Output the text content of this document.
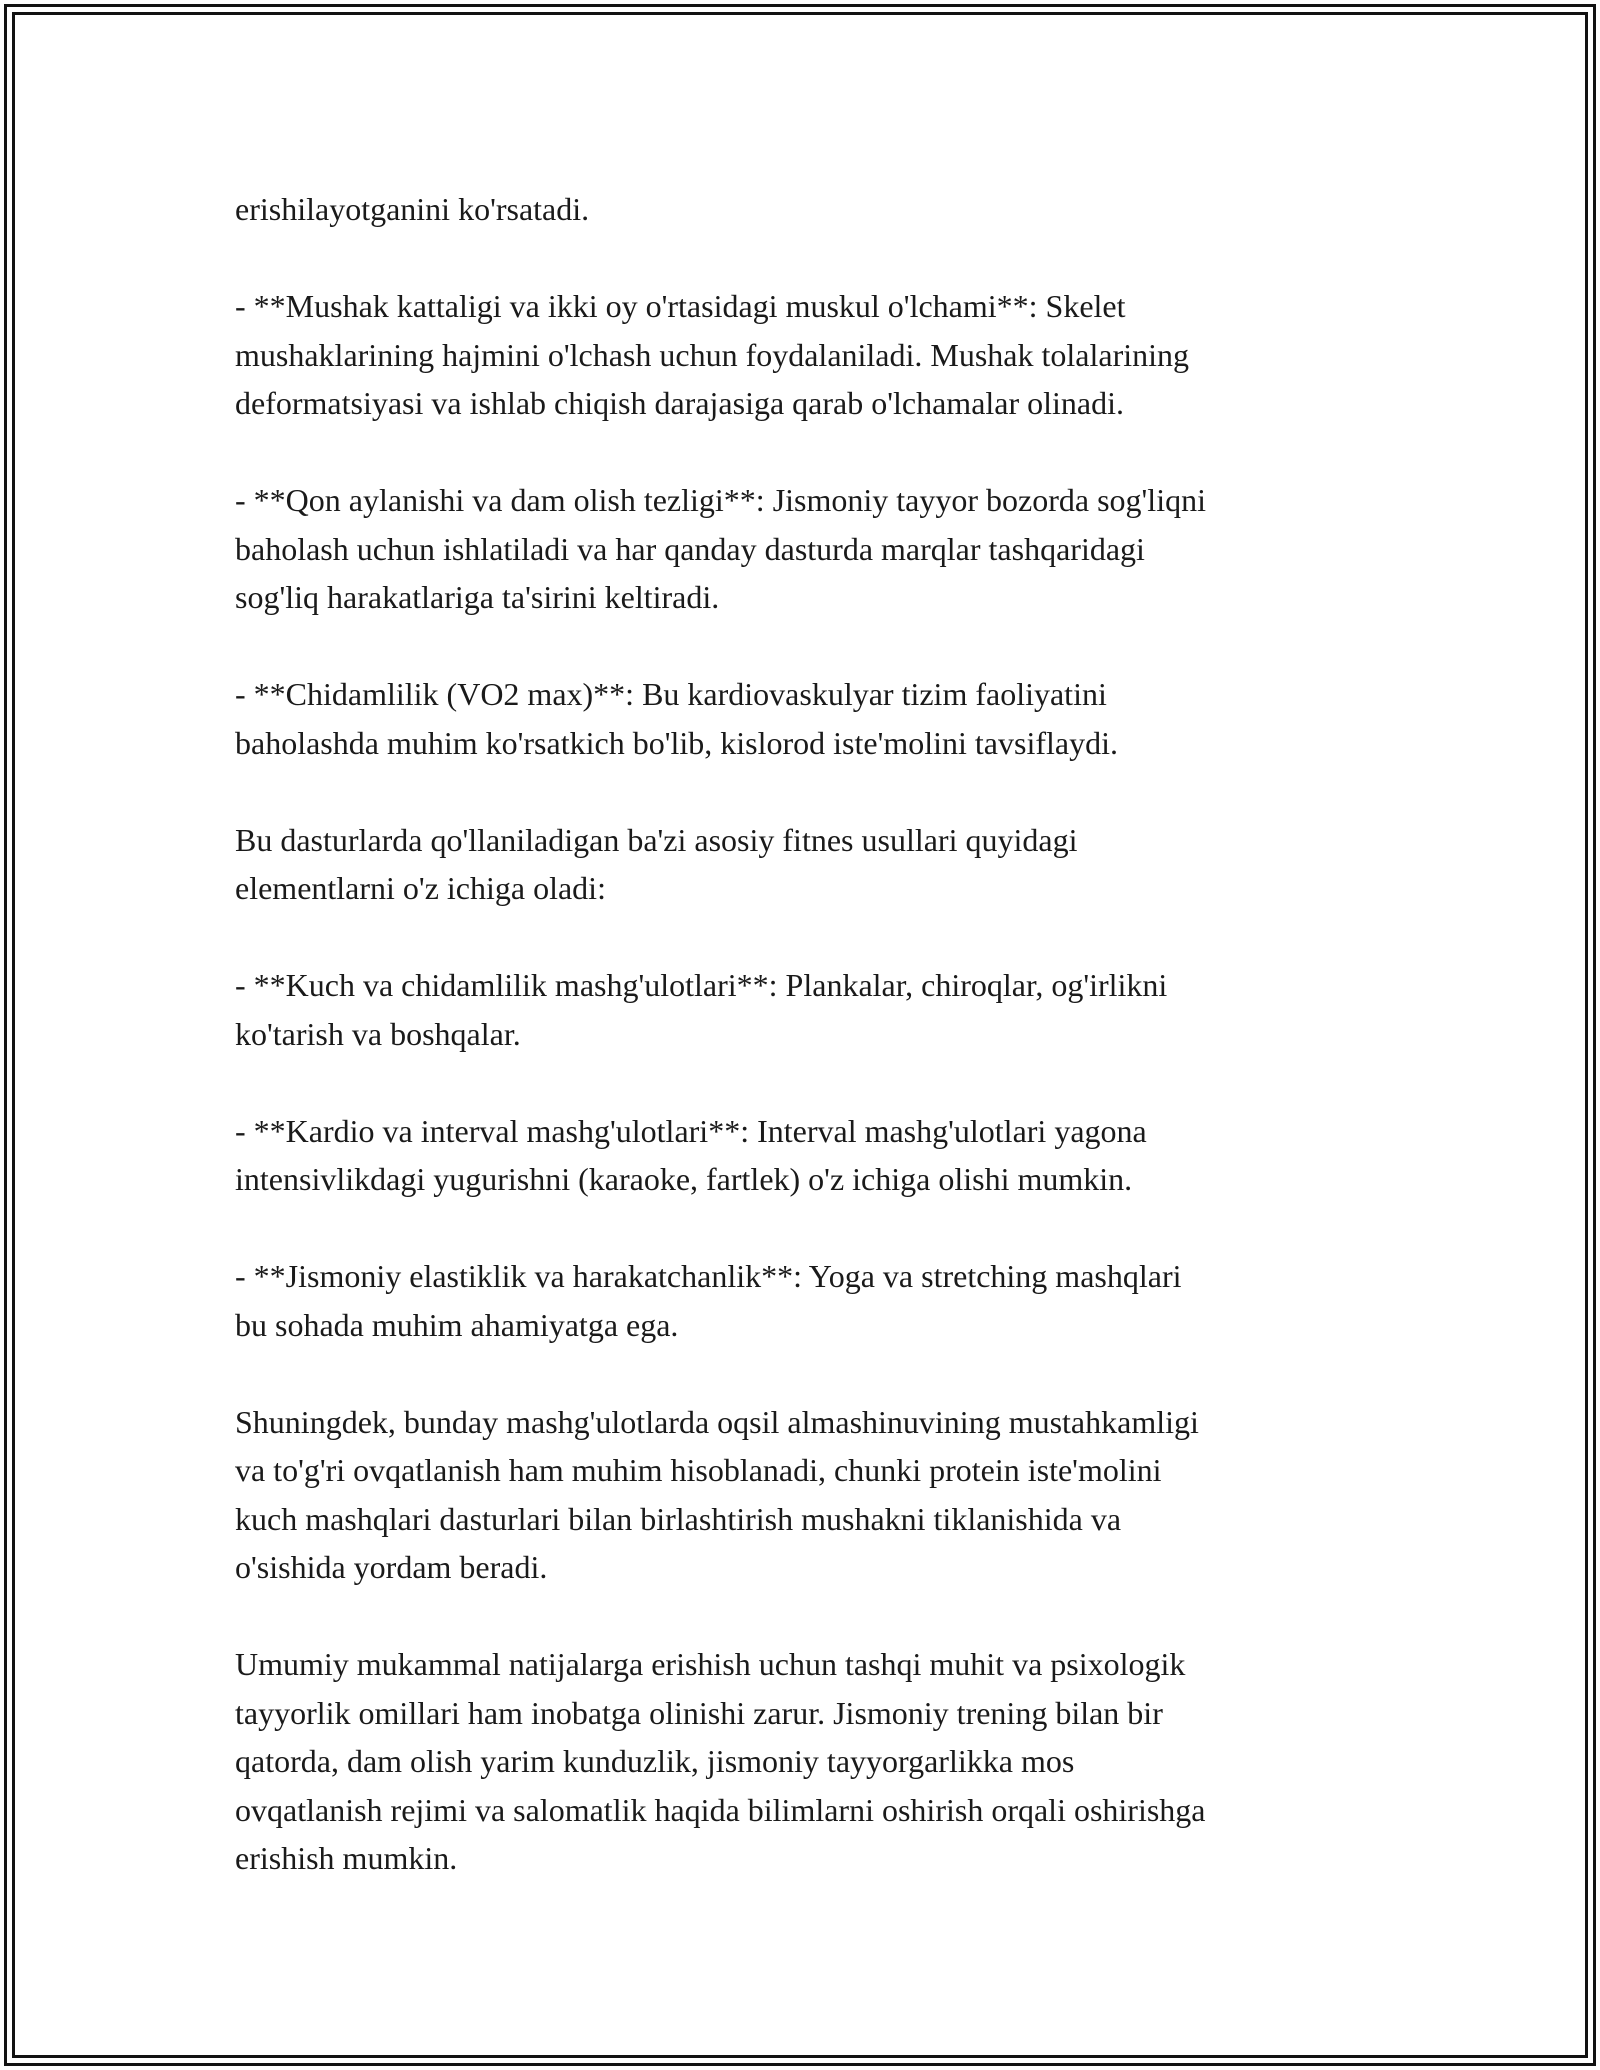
erishilayotganini ko'rsatadi.

- **Mushak kattaligi va ikki oy o'rtasidagi muskul o'lchami**: Skelet
mushaklarining hajmini o'lchash uchun foydalaniladi. Mushak tolalarining
deformatsiyasi va ishlab chiqish darajasiga qarab o'lchamalar olinadi.

- **Qon aylanishi va dam olish tezligi**: Jismoniy tayyor bozorda sog'liqni
baholash uchun ishlatiladi va har qanday dasturda marqlar tashqaridagi
sog'liq harakatlariga ta'sirini keltiradi.

- **Chidamlilik (VO2 max)**: Bu kardiovaskulyar tizim faoliyatini
baholashda muhim ko'rsatkich bo'lib, kislorod iste'molini tavsiflaydi.

Bu dasturlarda qo'llaniladigan ba'zi asosiy fitnes usullari quyidagi
elementlarni o'z ichiga oladi:

- **Kuch va chidamlilik mashg'ulotlari**: Plankalar, chiroqlar, og'irlikni
ko'tarish va boshqalar.

- **Kardio va interval mashg'ulotlari**: Interval mashg'ulotlari yagona
intensivlikdagi yugurishni (karaoke, fartlek) o'z ichiga olishi mumkin.

- **Jismoniy elastiklik va harakatchanlik**: Yoga va stretching mashqlari
bu sohada muhim ahamiyatga ega.

Shuningdek, bunday mashg'ulotlarda oqsil almashinuvining mustahkamligi
va to'g'ri ovqatlanish ham muhim hisoblanadi, chunki protein iste'molini
kuch mashqlari dasturlari bilan birlashtirish mushakni tiklanishida va
o'sishida yordam beradi.

Umumiy mukammal natijalarga erishish uchun tashqi muhit va psixologik
tayyorlik omillari ham inobatga olinishi zarur. Jismoniy trening bilan bir
qatorda, dam olish yarim kunduzlik, jismoniy tayyorgarlikka mos
ovqatlanish rejimi va salomatlik haqida bilimlarni oshirish orqali oshirishga
erishish mumkin.
